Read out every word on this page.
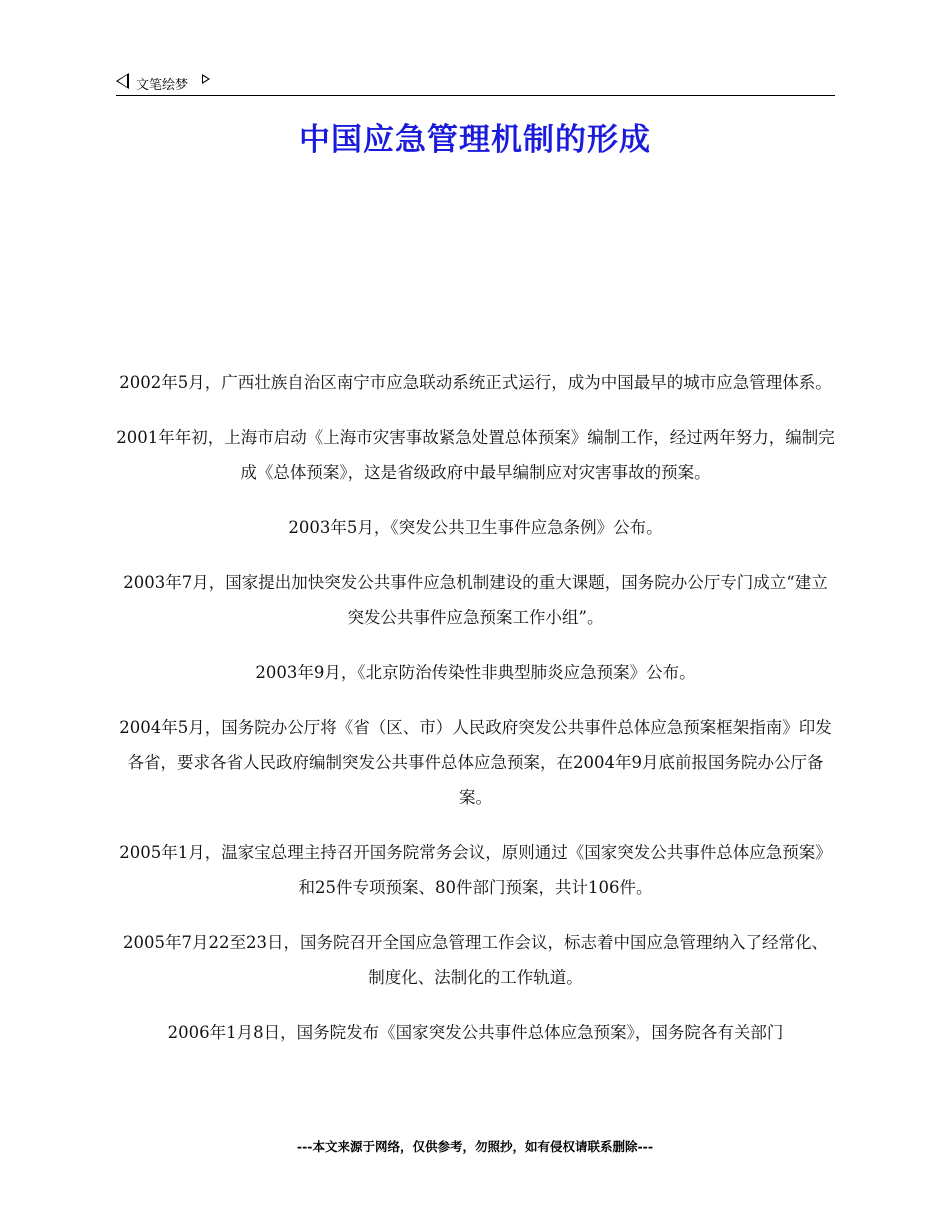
文笔绘梦
中国应急管理机制的形成

2002年5月，广西壮族自治区南宁市应急联动系统正式运行，成为中国最早的城市应急管理体系。

2001年年初，上海市启动《上海市灾害事故紧急处置总体预案》编制工作，经过两年努力，编制完成《总体预案》，这是省级政府中最早编制应对灾害事故的预案。

2003年5月，《突发公共卫生事件应急条例》公布。

2003年7月，国家提出加快突发公共事件应急机制建设的重大课题，国务院办公厅专门成立“建立突发公共事件应急预案工作小组”。

2003年9月，《北京防治传染性非典型肺炎应急预案》公布。

2004年5月，国务院办公厅将《省（区、市）人民政府突发公共事件总体应急预案框架指南》印发各省，要求各省人民政府编制突发公共事件总体应急预案，在2004年9月底前报国务院办公厅备案。

2005年1月，温家宝总理主持召开国务院常务会议，原则通过《国家突发公共事件总体应急预案》和25件专项预案、80件部门预案，共计106件。

2005年7月22至23日，国务院召开全国应急管理工作会议，标志着中国应急管理纳入了经常化、制度化、法制化的工作轨道。

2006年1月8日，国务院发布《国家突发公共事件总体应急预案》，国务院各有关部门

---本文来源于网络，仅供参考，勿照抄，如有侵权请联系删除---
